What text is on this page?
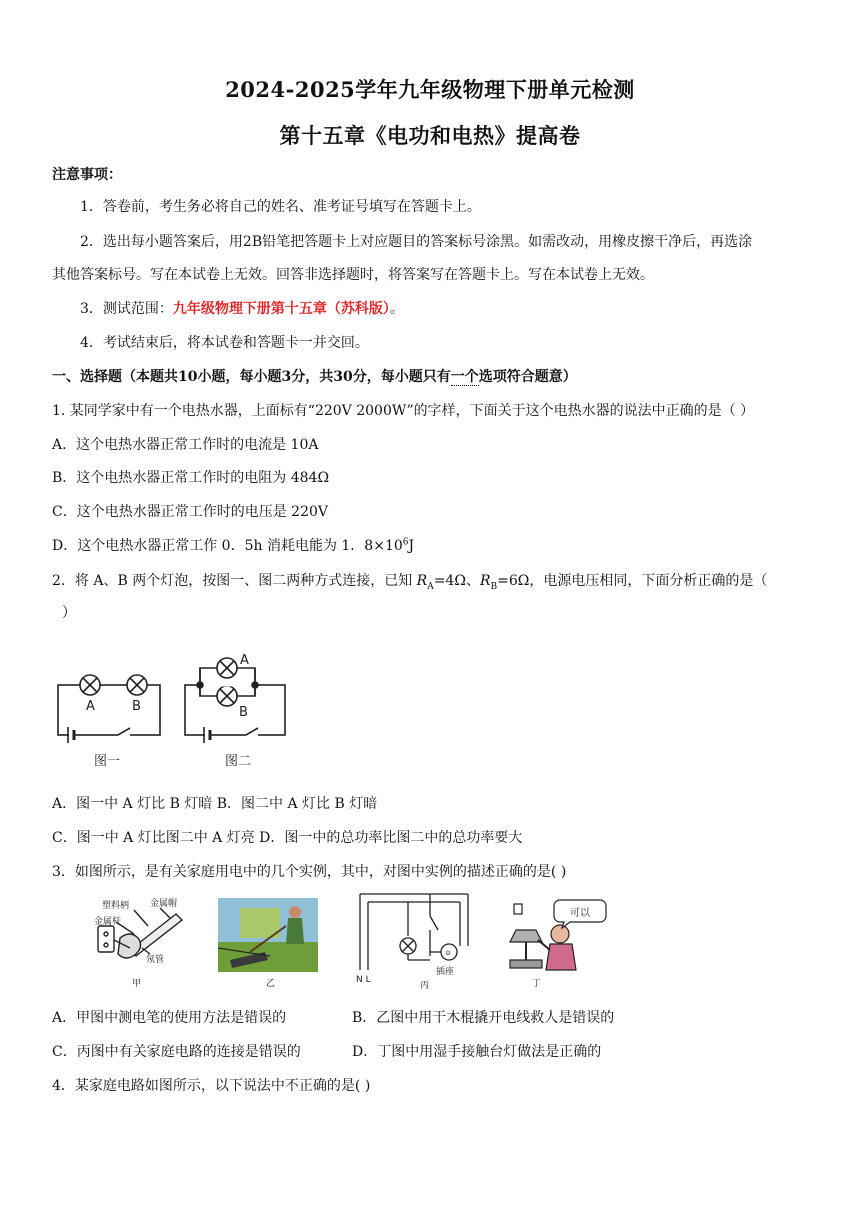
2024-2025学年九年级物理下册单元检测
第十五章《电功和电热》提高卷
注意事项：
1．答卷前，考生务必将自己的姓名、准考证号填写在答题卡上。
2．选出每小题答案后，用2B铅笔把答题卡上对应题目的答案标号涂黑。如需改动，用橡皮擦干净后，再选涂
其他答案标号。写在本试卷上无效。回答非选择题时，将答案写在答题卡上。写在本试卷上无效。
3．测试范围：九年级物理下册第十五章（苏科版）。
4．考试结束后，将本试卷和答题卡一并交回。
一、选择题（本题共10小题，每小题3分，共30分，每小题只有一个选项符合题意）
1. 某同学家中有一个电热水器，上面标有“220V 2000W”的字样，下面关于这个电热水器的说法中正确的是（ ）
A．这个电热水器正常工作时的电流是 10A
B．这个电热水器正常工作时的电阻为 484Ω
C．这个电热水器正常工作时的电压是 220V
D．这个电热水器正常工作 0．5h 消耗电能为 1．$8\times 10^6J$
2．将 A、B 两个灯泡，按图一、图二两种方式连接，已知 $R_A=4\Omega$、$R_B=6\Omega$，电源电压相同，下面分析正确的是（
）
A	B
A
B
图一	图二
A．图一中 A 灯比 B 灯暗 B．图二中 A 灯比 B 灯暗
C．图一中 A 灯比图二中 A 灯亮 D．图一中的总功率比图二中的总功率要大
3．如图所示，是有关家庭用电中的几个实例，其中，对图中实例的描述正确的是( )
塑料柄 金属帽
金属杆
氖管
甲	乙
⊙
N L
插座
丙
可以
丁
A．甲图中测电笔的使用方法是错误的	B．乙图中用干木棍撬开电线救人是错误的
C．丙图中有关家庭电路的连接是错误的	D．丁图中用湿手接触台灯做法是正确的
4．某家庭电路如图所示，以下说法中不正确的是( )
